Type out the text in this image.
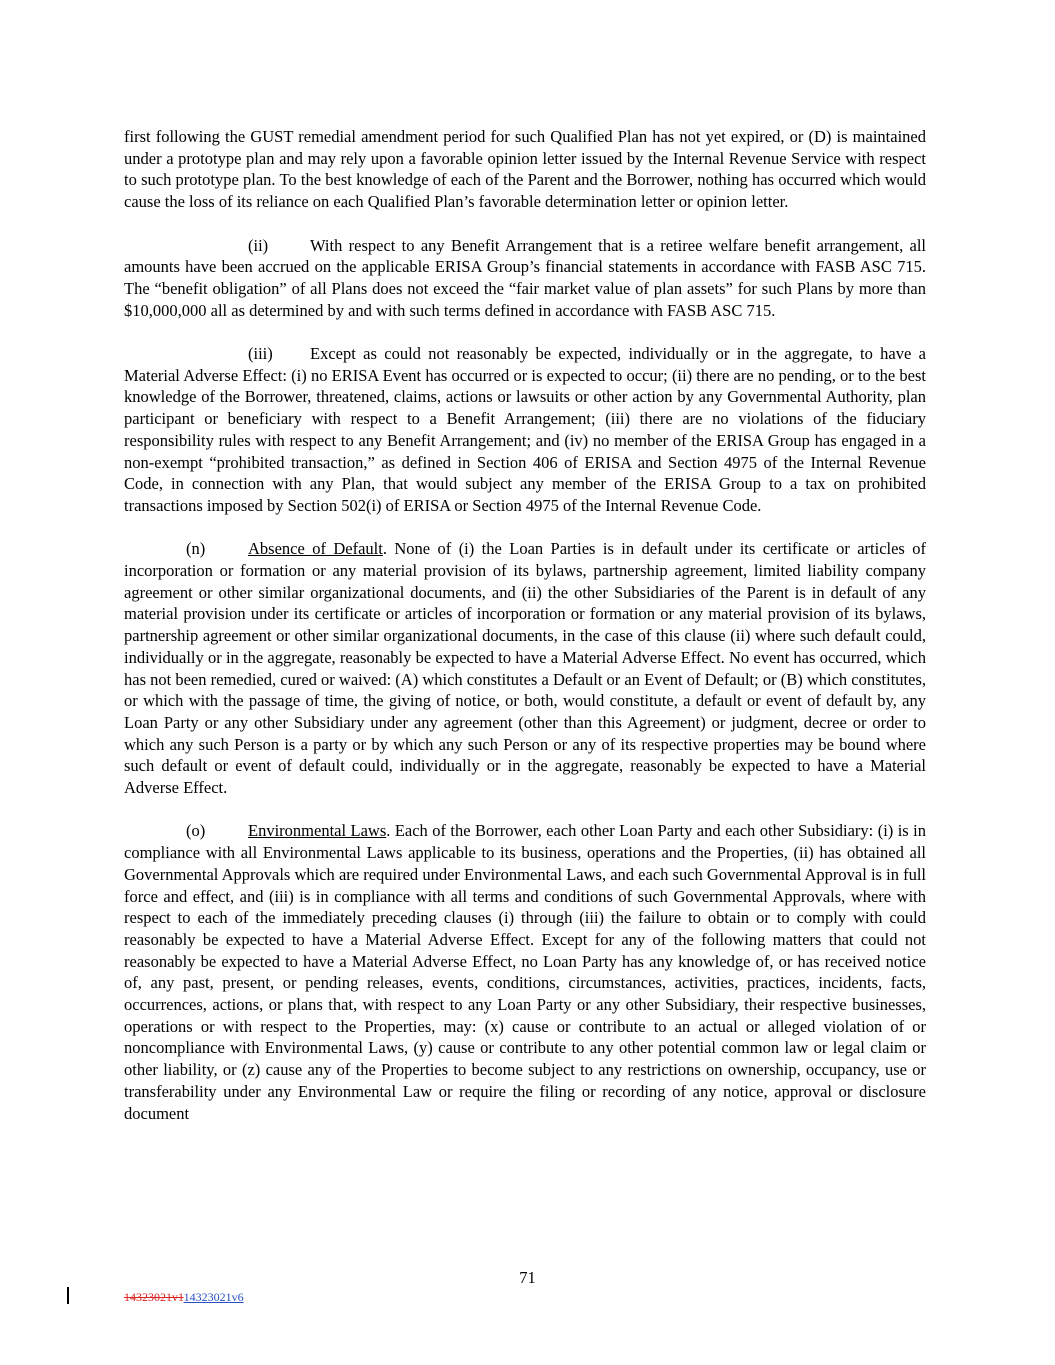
first following the GUST remedial amendment period for such Qualified Plan has not yet expired, or (D) is maintained under a prototype plan and may rely upon a favorable opinion letter issued by the Internal Revenue Service with respect to such prototype plan. To the best knowledge of each of the Parent and the Borrower, nothing has occurred which would cause the loss of its reliance on each Qualified Plan’s favorable determination letter or opinion letter.

(ii)	With respect to any Benefit Arrangement that is a retiree welfare benefit arrangement, all amounts have been accrued on the applicable ERISA Group’s financial statements in accordance with FASB ASC 715. The “benefit obligation” of all Plans does not exceed the “fair market value of plan assets” for such Plans by more than $10,000,000 all as determined by and with such terms defined in accordance with FASB ASC 715.

(iii) Except as could not reasonably be expected, individually or in the aggregate, to have a Material Adverse Effect: (i) no ERISA Event has occurred or is expected to occur; (ii) there are no pending, or to the best knowledge of the Borrower, threatened, claims, actions or lawsuits or other action by any Governmental Authority, plan participant or beneficiary with respect to a Benefit Arrangement; (iii) there are no violations of the fiduciary responsibility rules with respect to any Benefit Arrangement; and (iv) no member of the ERISA Group has engaged in a non-exempt “prohibited transaction,” as defined in Section 406 of ERISA and Section 4975 of the Internal Revenue Code, in connection with any Plan, that would subject any member of the ERISA Group to a tax on prohibited transactions imposed by Section 502(i) of ERISA or Section 4975 of the Internal Revenue Code.

(n)	Absence of Default. None of (i) the Loan Parties is in default under its certificate or articles of incorporation or formation or any material provision of its bylaws, partnership agreement, limited liability company agreement or other similar organizational documents, and (ii) the other Subsidiaries of the Parent is in default of any material provision under its certificate or articles of incorporation or formation or any material provision of its bylaws, partnership agreement or other similar organizational documents, in the case of this clause (ii) where such default could, individually or in the aggregate, reasonably be expected to have a Material Adverse Effect. No event has occurred, which has not been remedied, cured or waived: (A) which constitutes a Default or an Event of Default; or (B) which constitutes, or which with the passage of time, the giving of notice, or both, would constitute, a default or event of default by, any Loan Party or any other Subsidiary under any agreement (other than this Agreement) or judgment, decree or order to which any such Person is a party or by which any such Person or any of its respective properties may be bound where such default or event of default could, individually or in the aggregate, reasonably be expected to have a Material Adverse Effect.

(o)	Environmental Laws. Each of the Borrower, each other Loan Party and each other Subsidiary: (i) is in compliance with all Environmental Laws applicable to its business, operations and the Properties, (ii) has obtained all Governmental Approvals which are required under Environmental Laws, and each such Governmental Approval is in full force and effect, and (iii) is in compliance with all terms and conditions of such Governmental Approvals, where with respect to each of the immediately preceding clauses (i) through (iii) the failure to obtain or to comply with could reasonably be expected to have a Material Adverse Effect. Except for any of the following matters that could not reasonably be expected to have a Material Adverse Effect, no Loan Party has any knowledge of, or has received notice of, any past, present, or pending releases, events, conditions, circumstances, activities, practices, incidents, facts, occurrences, actions, or plans that, with respect to any Loan Party or any other Subsidiary, their respective businesses, operations or with respect to the Properties, may: (x) cause or contribute to an actual or alleged violation of or noncompliance with Environmental Laws, (y) cause or contribute to any other potential common law or legal claim or other liability, or (z) cause any of the Properties to become subject to any restrictions on ownership, occupancy, use or transferability under any Environmental Law or require the filing or recording of any notice, approval or disclosure document

71
14323021v114323021v6
